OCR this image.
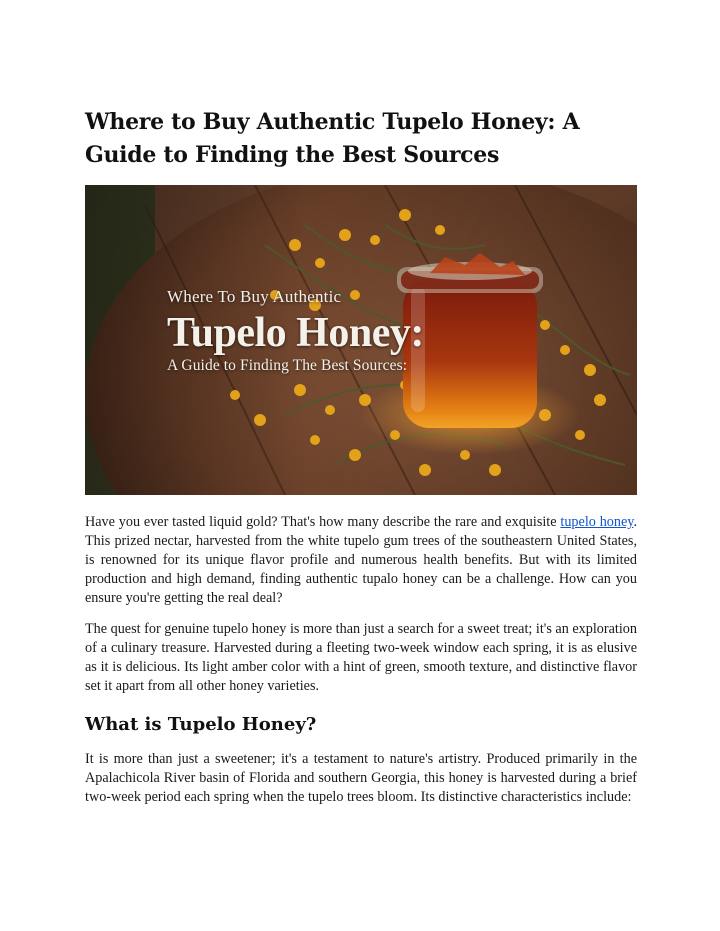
Where to Buy Authentic Tupelo Honey: A Guide to Finding the Best Sources
Where To Buy Authentic
Tupelo Honey:
A Guide to Finding The Best Sources:

Have you ever tasted liquid gold? That's how many describe the rare and exquisite tupelo honey. This prized nectar, harvested from the white tupelo gum trees of the southeastern United States, is renowned for its unique flavor profile and numerous health benefits. But with its limited production and high demand, finding authentic tupalo honey can be a challenge. How can you ensure you're getting the real deal?

The quest for genuine tupelo honey is more than just a search for a sweet treat; it's an exploration of a culinary treasure. Harvested during a fleeting two-week window each spring, it is as elusive as it is delicious. Its light amber color with a hint of green, smooth texture, and distinctive flavor set it apart from all other honey varieties.

What is Tupelo Honey?

It is more than just a sweetener; it's a testament to nature's artistry. Produced primarily in the Apalachicola River basin of Florida and southern Georgia, this honey is harvested during a brief two-week period each spring when the tupelo trees bloom. Its distinctive characteristics include:
